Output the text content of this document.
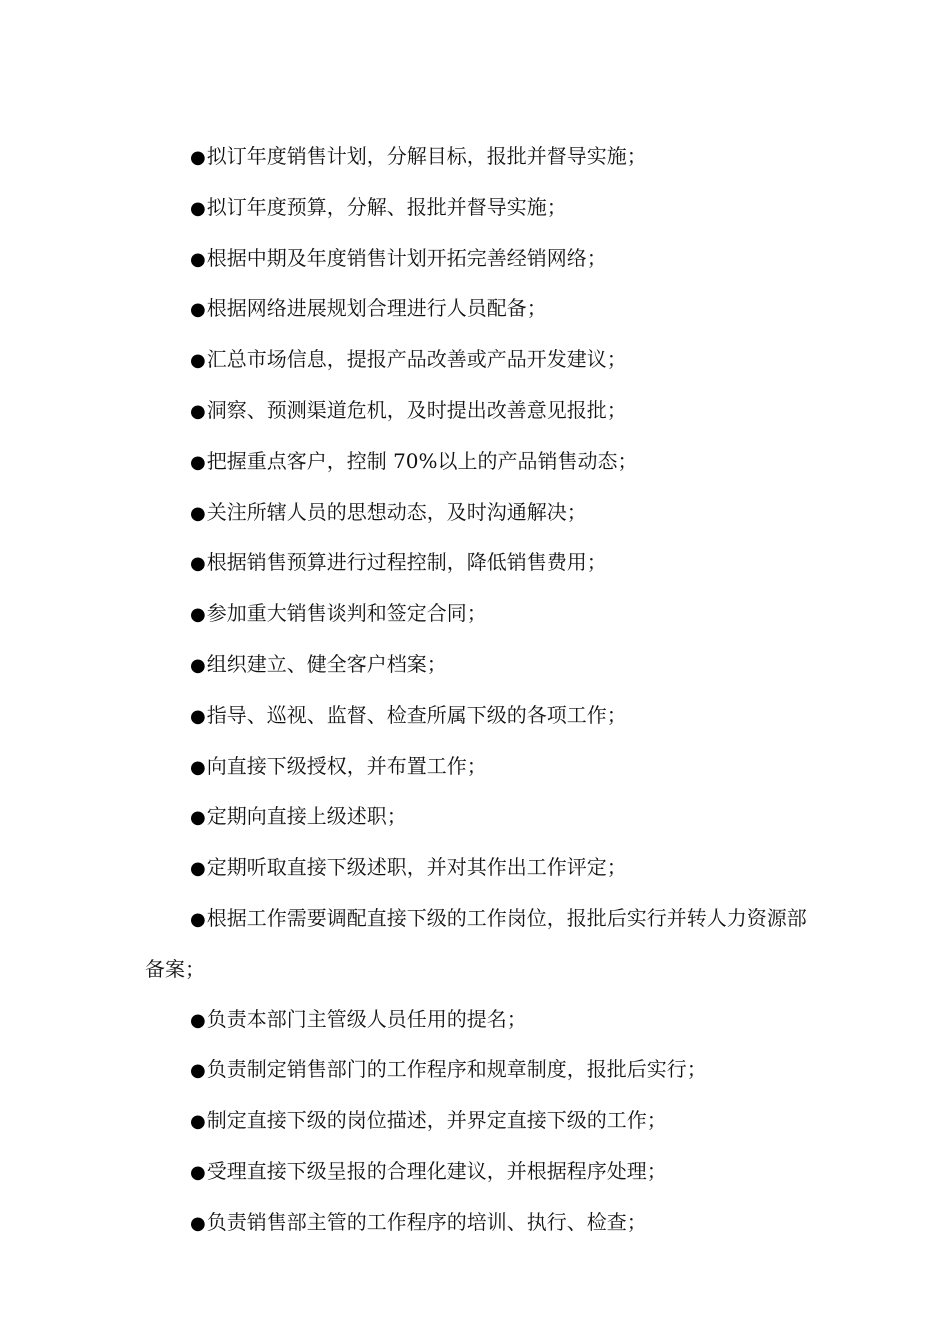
●拟订年度销售计划，分解目标，报批并督导实施；

●拟订年度预算，分解、报批并督导实施；

●根据中期及年度销售计划开拓完善经销网络；

●根据网络进展规划合理进行人员配备；

●汇总市场信息，提报产品改善或产品开发建议；

●洞察、预测渠道危机，及时提出改善意见报批；

●把握重点客户，控制 70%以上的产品销售动态；

●关注所辖人员的思想动态，及时沟通解决；

●根据销售预算进行过程控制，降低销售费用；

●参加重大销售谈判和签定合同；

●组织建立、健全客户档案；

●指导、巡视、监督、检查所属下级的各项工作；

●向直接下级授权，并布置工作；

●定期向直接上级述职；

●定期听取直接下级述职，并对其作出工作评定；

●根据工作需要调配直接下级的工作岗位，报批后实行并转人力资源部备案；

●负责本部门主管级人员任用的提名；

●负责制定销售部门的工作程序和规章制度，报批后实行；

●制定直接下级的岗位描述，并界定直接下级的工作；

●受理直接下级呈报的合理化建议，并根据程序处理；

●负责销售部主管的工作程序的培训、执行、检查；
